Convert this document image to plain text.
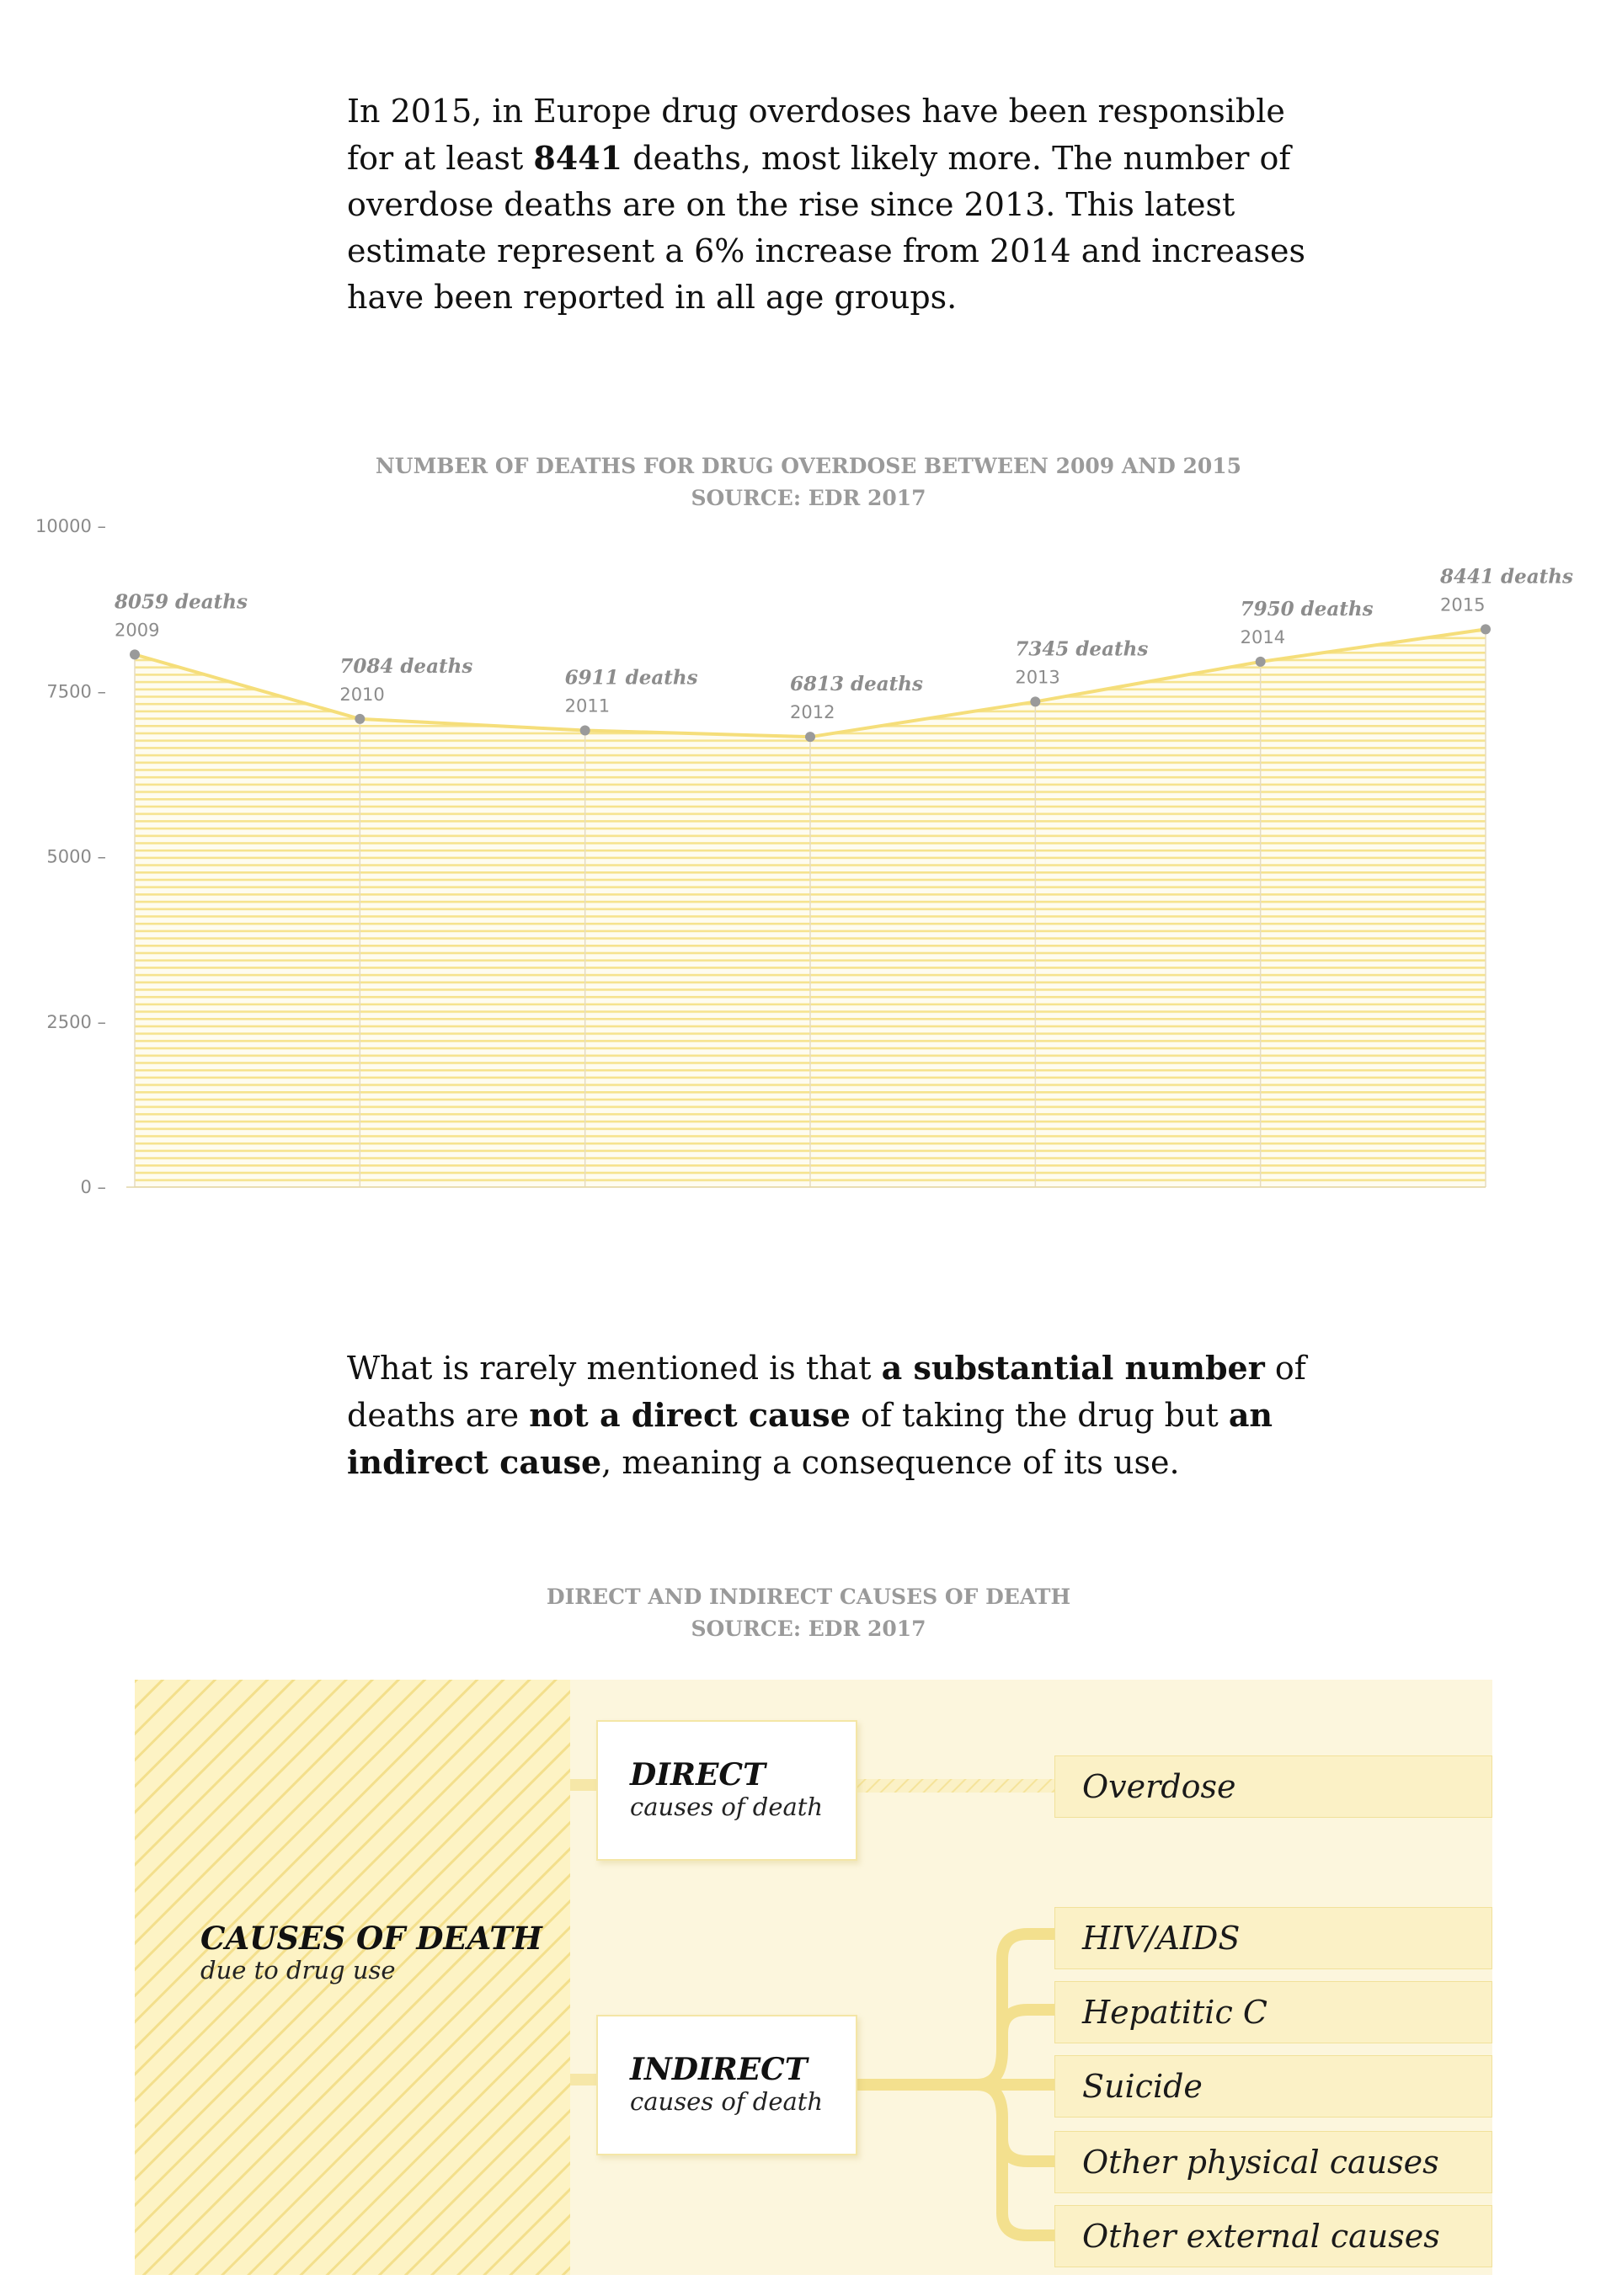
In 2015, in Europe drug overdoses have been responsible
for at least 8441 deaths, most likely more. The number of
overdose deaths are on the rise since 2013. This latest
estimate represent a 6% increase from 2014 and increases
have been reported in all age groups.
NUMBER OF DEATHS FOR DRUG OVERDOSE BETWEEN 2009 AND 2015
SOURCE: EDR 2017
10000 –
7500 –
5000 –
2500 –
0 –
8059 deaths
2009
7084 deaths
2010
6911 deaths
2011
6813 deaths
2012
7345 deaths
2013
7950 deaths
2014
8441 deaths
2015
What is rarely mentioned is that a substantial number of
deaths are not a direct cause of taking the drug but an
indirect cause, meaning a consequence of its use.
DIRECT AND INDIRECT CAUSES OF DEATH
SOURCE: EDR 2017
CAUSES OF DEATH
due to drug use
DIRECT
causes of death
INDIRECT
causes of death
Overdose
HIV/AIDS
Hepatitic C
Suicide
Other physical causes
Other external causes
